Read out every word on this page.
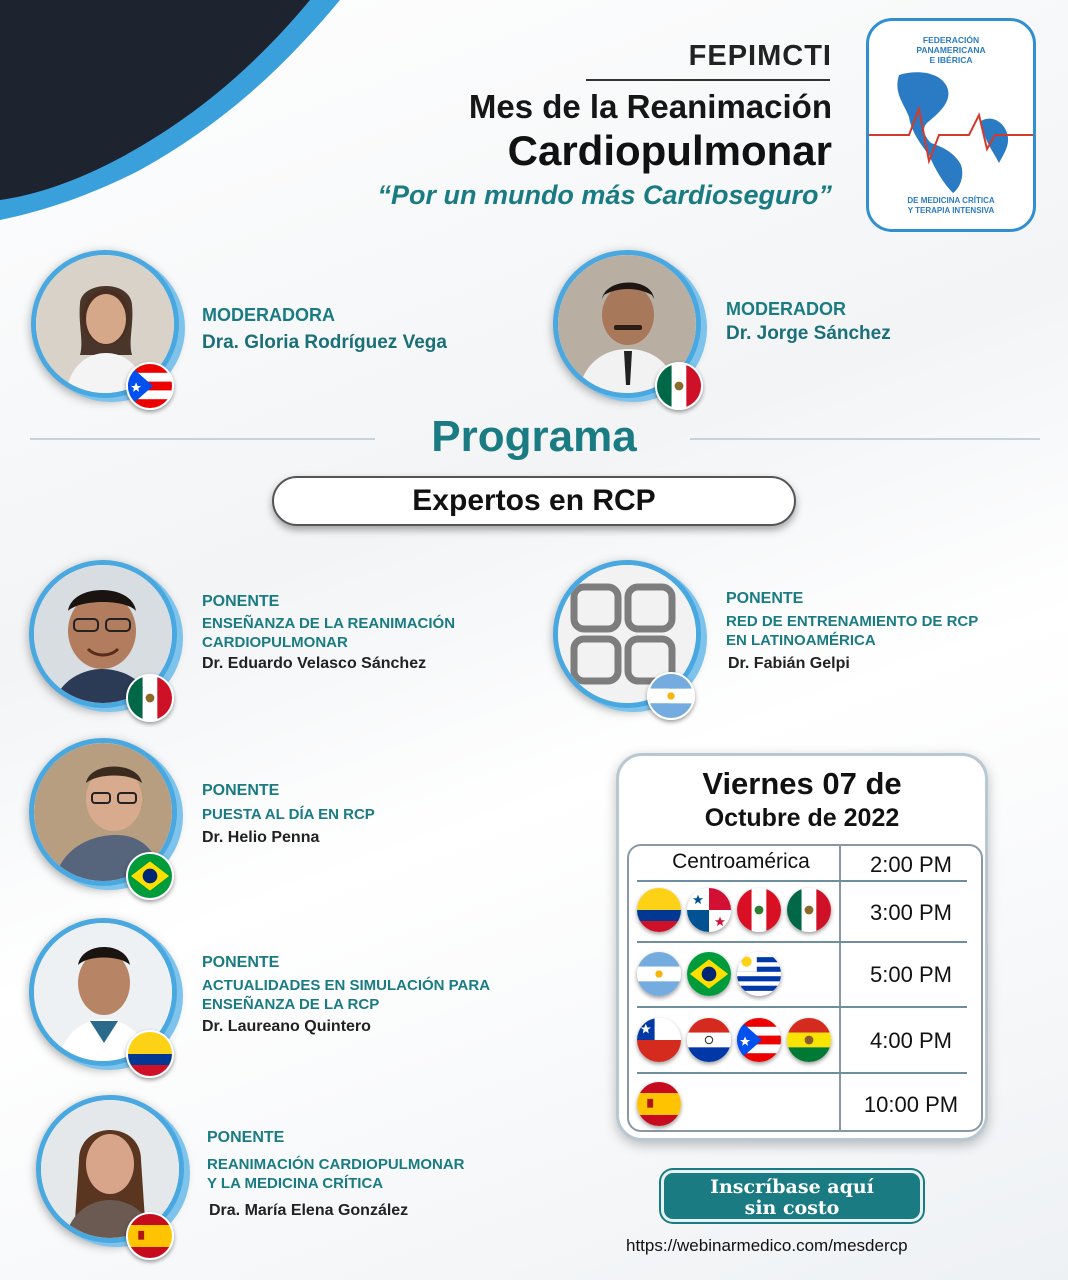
FEPIMCTI
Mes de la Reanimación
Cardiopulmonar
“Por un mundo más Cardioseguro”
FEDERACIÓN
PANAMERICANA
E IBÉRICA
DE MEDICINA CRÍTICA
Y TERAPIA INTENSIVA
MODERADORA
Dra. Gloria Rodríguez Vega
MODERADOR
Dr. Jorge Sánchez
Programa
Expertos en RCP
PONENTE
ENSEÑANZA DE LA REANIMACIÓN
CARDIOPULMONAR
Dr. Eduardo Velasco Sánchez
PONENTE
RED DE ENTRENAMIENTO DE RCP
EN LATINOAMÉRICA
Dr. Fabián Gelpi
PONENTE
PUESTA AL DÍA EN RCP
Dr. Helio Penna
PONENTE
ACTUALIDADES EN SIMULACIÓN PARA
ENSEÑANZA DE LA RCP
Dr. Laureano Quintero
PONENTE
REANIMACIÓN CARDIOPULMONAR
Y LA MEDICINA CRÍTICA
Dra. María Elena González
Viernes 07 de
Octubre de 2022
Centroamérica	2:00 PM
3:00 PM
5:00 PM
4:00 PM
10:00 PM
Inscríbase aquí
sin costo
https://webinarmedico.com/mesdercp
